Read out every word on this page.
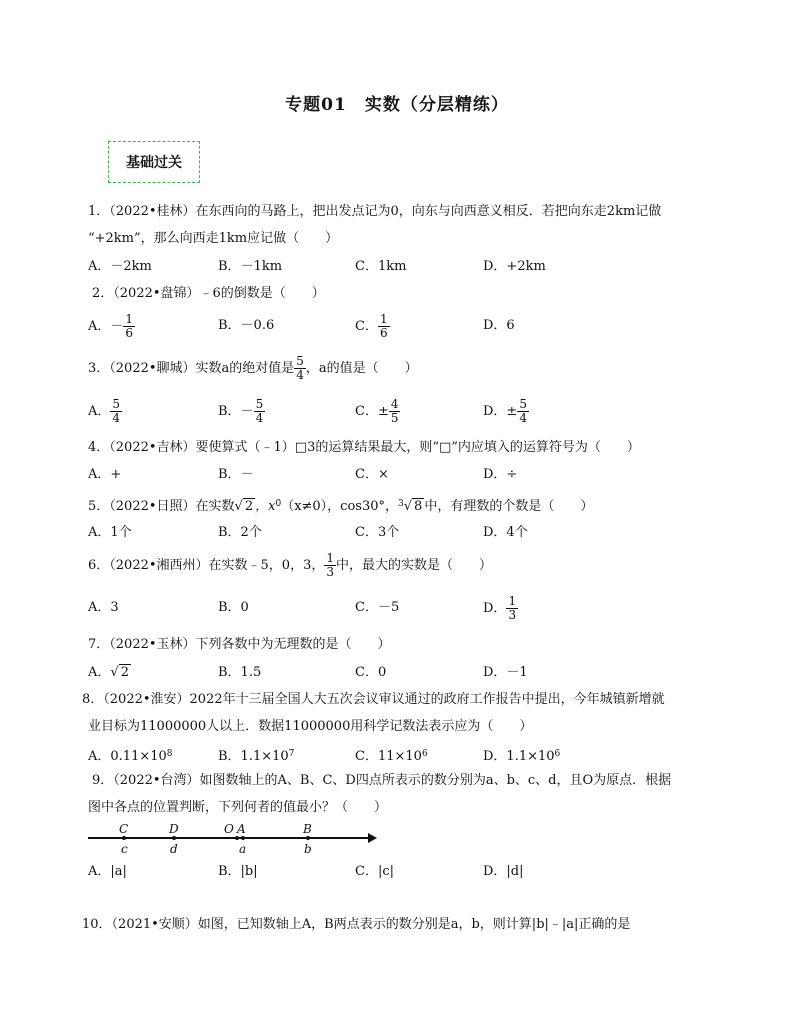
专题01　实数（分层精练）
基础过关
1．（2022•桂林）在东西向的马路上，把出发点记为0，向东与向西意义相反．若把向东走2km记做
“+2km”，那么向西走1km应记做（　　）
A．－2km	B．－1km	C．1km	D．+2km
2．（2022•盘锦）﹣6的倒数是（　　）
A．－ $\frac{1}{6}$	B．－0.6	C． $\frac{1}{6}$	D．6
3．（2022•聊城）实数a的绝对值是 $\frac{5}{4}$ ，a的值是（　　）
A． $\frac{5}{4}$	B．－ $\frac{5}{4}$	C．± $\frac{4}{5}$	D．± $\frac{5}{4}$
4．（2022•吉林）要使算式（﹣1）□3的运算结果最大，则“□”内应填入的运算符号为（　　）
A．+	B．－	C．×	D．÷
5．（2022•日照）在实数√ 2 ，$x^0(x\ne 0)$，cos30°，$^3$√ 8 中，有理数的个数是（　　）
A．1个	B．2个	C．3个	D．4个
6．（2022•湘西州）在实数﹣5，0，3， $\frac{1}{3}$ 中，最大的实数是（　　）
A．3	B．0	C．－5	D． $\frac{1}{3}$
7．（2022•玉林）下列各数中为无理数的是（　　）
A．√ 2	B．1.5	C．0	D．－1
8．（2022•淮安）2022年十三届全国人大五次会议审议通过的政府工作报告中提出，今年城镇新增就
业目标为11000000人以上．数据11000000用科学记数法表示应为（　　）
A．$0.11\times 10^8$	B．$1.1\times 10^7$	C．$11\times 10^6$	D．$1.1\times 10^6$
9．（2022•台湾）如图数轴上的A、B、C、D四点所表示的数分别为a、b、c、d，且O为原点．根据
图中各点的位置判断，下列何者的值最小？（　　）
C	D	O A	B
c	d	a	b
A．|a|	B．|b|	C．|c|	D．|d|
10．（2021•安顺）如图，已知数轴上A，B两点表示的数分别是a，b，则计算|b|﹣|a|正确的是
